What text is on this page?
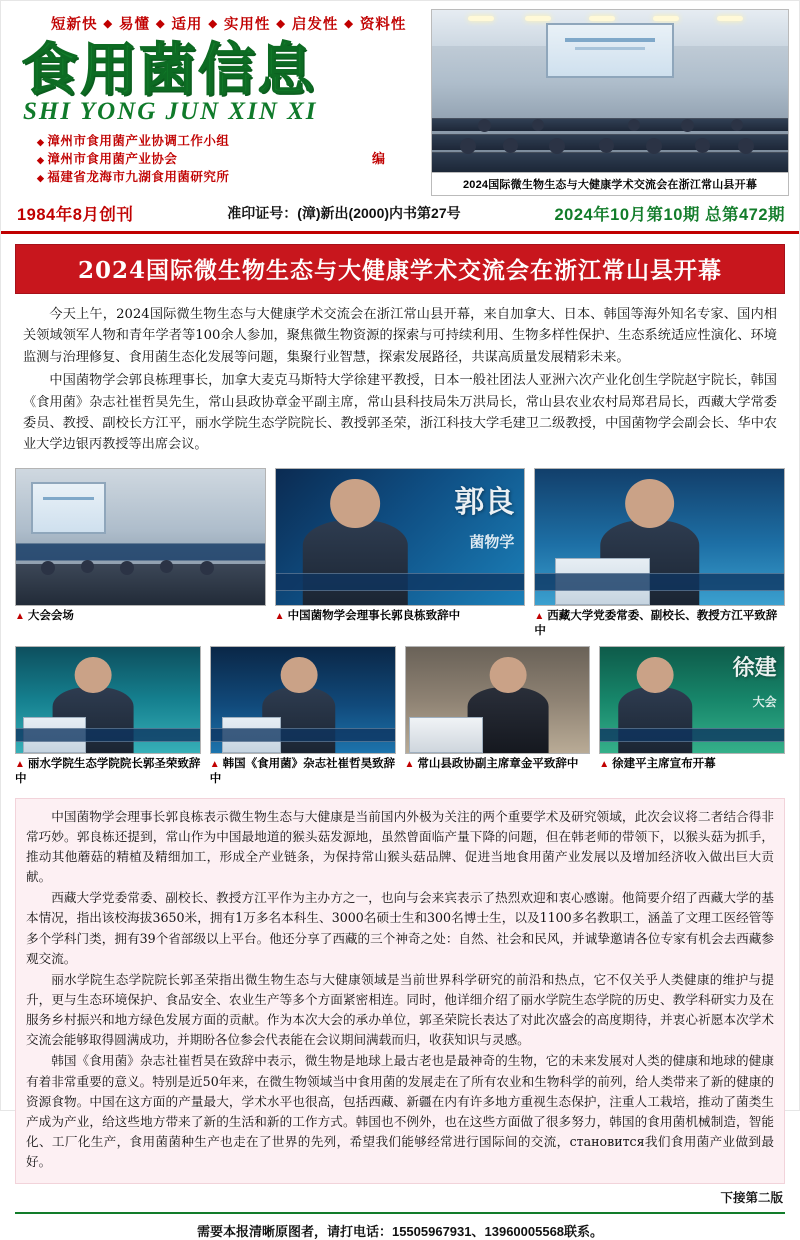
短新快 ◆ 易懂 ◆ 适用 ◆ 实用性 ◆ 启发性 ◆ 资料性
食用菌信息
SHI YONG JUN XIN XI
◆ 漳州市食用菌产业协调工作小组
◆ 漳州市食用菌产业协会
◆ 福建省龙海市九湖食用菌研究所
编
2024国际微生物生态与大健康学术交流会在浙江常山县开幕
1984年8月创刊	准印证号：(漳)新出(2000)内书第27号	2024年10月第10期 总第472期
2024国际微生物生态与大健康学术交流会在浙江常山县开幕

今天上午，2024国际微生物生态与大健康学术交流会在浙江常山县开幕，来自加拿大、日本、韩国等海外知名专家、国内相关领域领军人物和青年学者等100余人参加，聚焦微生物资源的探索与可持续利用、生物多样性保护、生态系统适应性演化、环境监测与治理修复、食用菌生态化发展等问题，集聚行业智慧，探索发展路径，共谋高质量发展精彩未来。

中国菌物学会郭良栋理事长，加拿大麦克马斯特大学徐建平教授，日本一般社团法人亚洲六次产业化创生学院赵宇院长，韩国《食用菌》杂志社崔哲昊先生，常山县政协章金平副主席，常山县科技局朱万洪局长，常山县农业农村局郑君局长，西藏大学常委委员、教授、副校长方江平，丽水学院生态学院院长、教授郭圣荣，浙江科技大学毛建卫二级教授，中国菌物学会副会长、华中农业大学边银丙教授等出席会议。

▲ 大会会场
郭良
菌物学
▲ 中国菌物学会理事长郭良栋致辞中	▲ 西藏大学党委常委、副校长、教授方江平致辞中
▲ 丽水学院生态学院院长郭圣荣致辞中
▲ 韩国《食用菌》杂志社崔哲昊致辞中
▲ 常山县政协副主席章金平致辞中
徐建
大会
▲ 徐建平主席宣布开幕

中国菌物学会理事长郭良栋表示微生物生态与大健康是当前国内外极为关注的两个重要学术及研究领域，此次会议将二者结合得非常巧妙。郭良栋还提到，常山作为中国最地道的猴头菇发源地，虽然曾面临产量下降的问题，但在韩老师的带领下，以猴头菇为抓手，推动其他蘑菇的精植及精细加工，形成全产业链条，为保持常山猴头菇品牌、促进当地食用菌产业发展以及增加经济收入做出巨大贡献。

西藏大学党委常委、副校长、教授方江平作为主办方之一，也向与会来宾表示了热烈欢迎和衷心感谢。他简要介绍了西藏大学的基本情况，指出该校海拔3650米，拥有1万多名本科生、3000名硕士生和300名博士生，以及1100多名教职工，涵盖了文理工医经管等多个学科门类，拥有39个省部级以上平台。他还分享了西藏的三个神奇之处：自然、社会和民风，并诚挚邀请各位专家有机会去西藏参观交流。

丽水学院生态学院院长郭圣荣指出微生物生态与大健康领域是当前世界科学研究的前沿和热点，它不仅关乎人类健康的维护与提升，更与生态环境保护、食品安全、农业生产等多个方面紧密相连。同时，他详细介绍了丽水学院生态学院的历史、教学科研实力及在服务乡村振兴和地方绿色发展方面的贡献。作为本次大会的承办单位，郭圣荣院长表达了对此次盛会的高度期待，并衷心祈愿本次学术交流会能够取得圆满成功，并期盼各位参会代表能在会议期间满载而归，收获知识与灵感。

韩国《食用菌》杂志社崔哲昊在致辞中表示，微生物是地球上最古老也是最神奇的生物，它的未来发展对人类的健康和地球的健康有着非常重要的意义。特别是近50年来，在微生物领域当中食用菌的发展走在了所有农业和生物科学的前列，给人类带来了新的健康的资源食物。中国在这方面的产量最大，学术水平也很高，包括西藏、新疆在内有许多地方重视生态保护，注重人工栽培，推动了菌类生产成为产业，给这些地方带来了新的生活和新的工作方式。韩国也不例外，也在这些方面做了很多努力，韩国的食用菌机械制造，智能化、工厂化生产，食用菌菌种生产也走在了世界的先列，希望我们能够经常进行国际间的交流，становится我们食用菌产业做到最好。

下接第二版
需要本报清晰原图者，请打电话：15505967931、13960005568联系。
